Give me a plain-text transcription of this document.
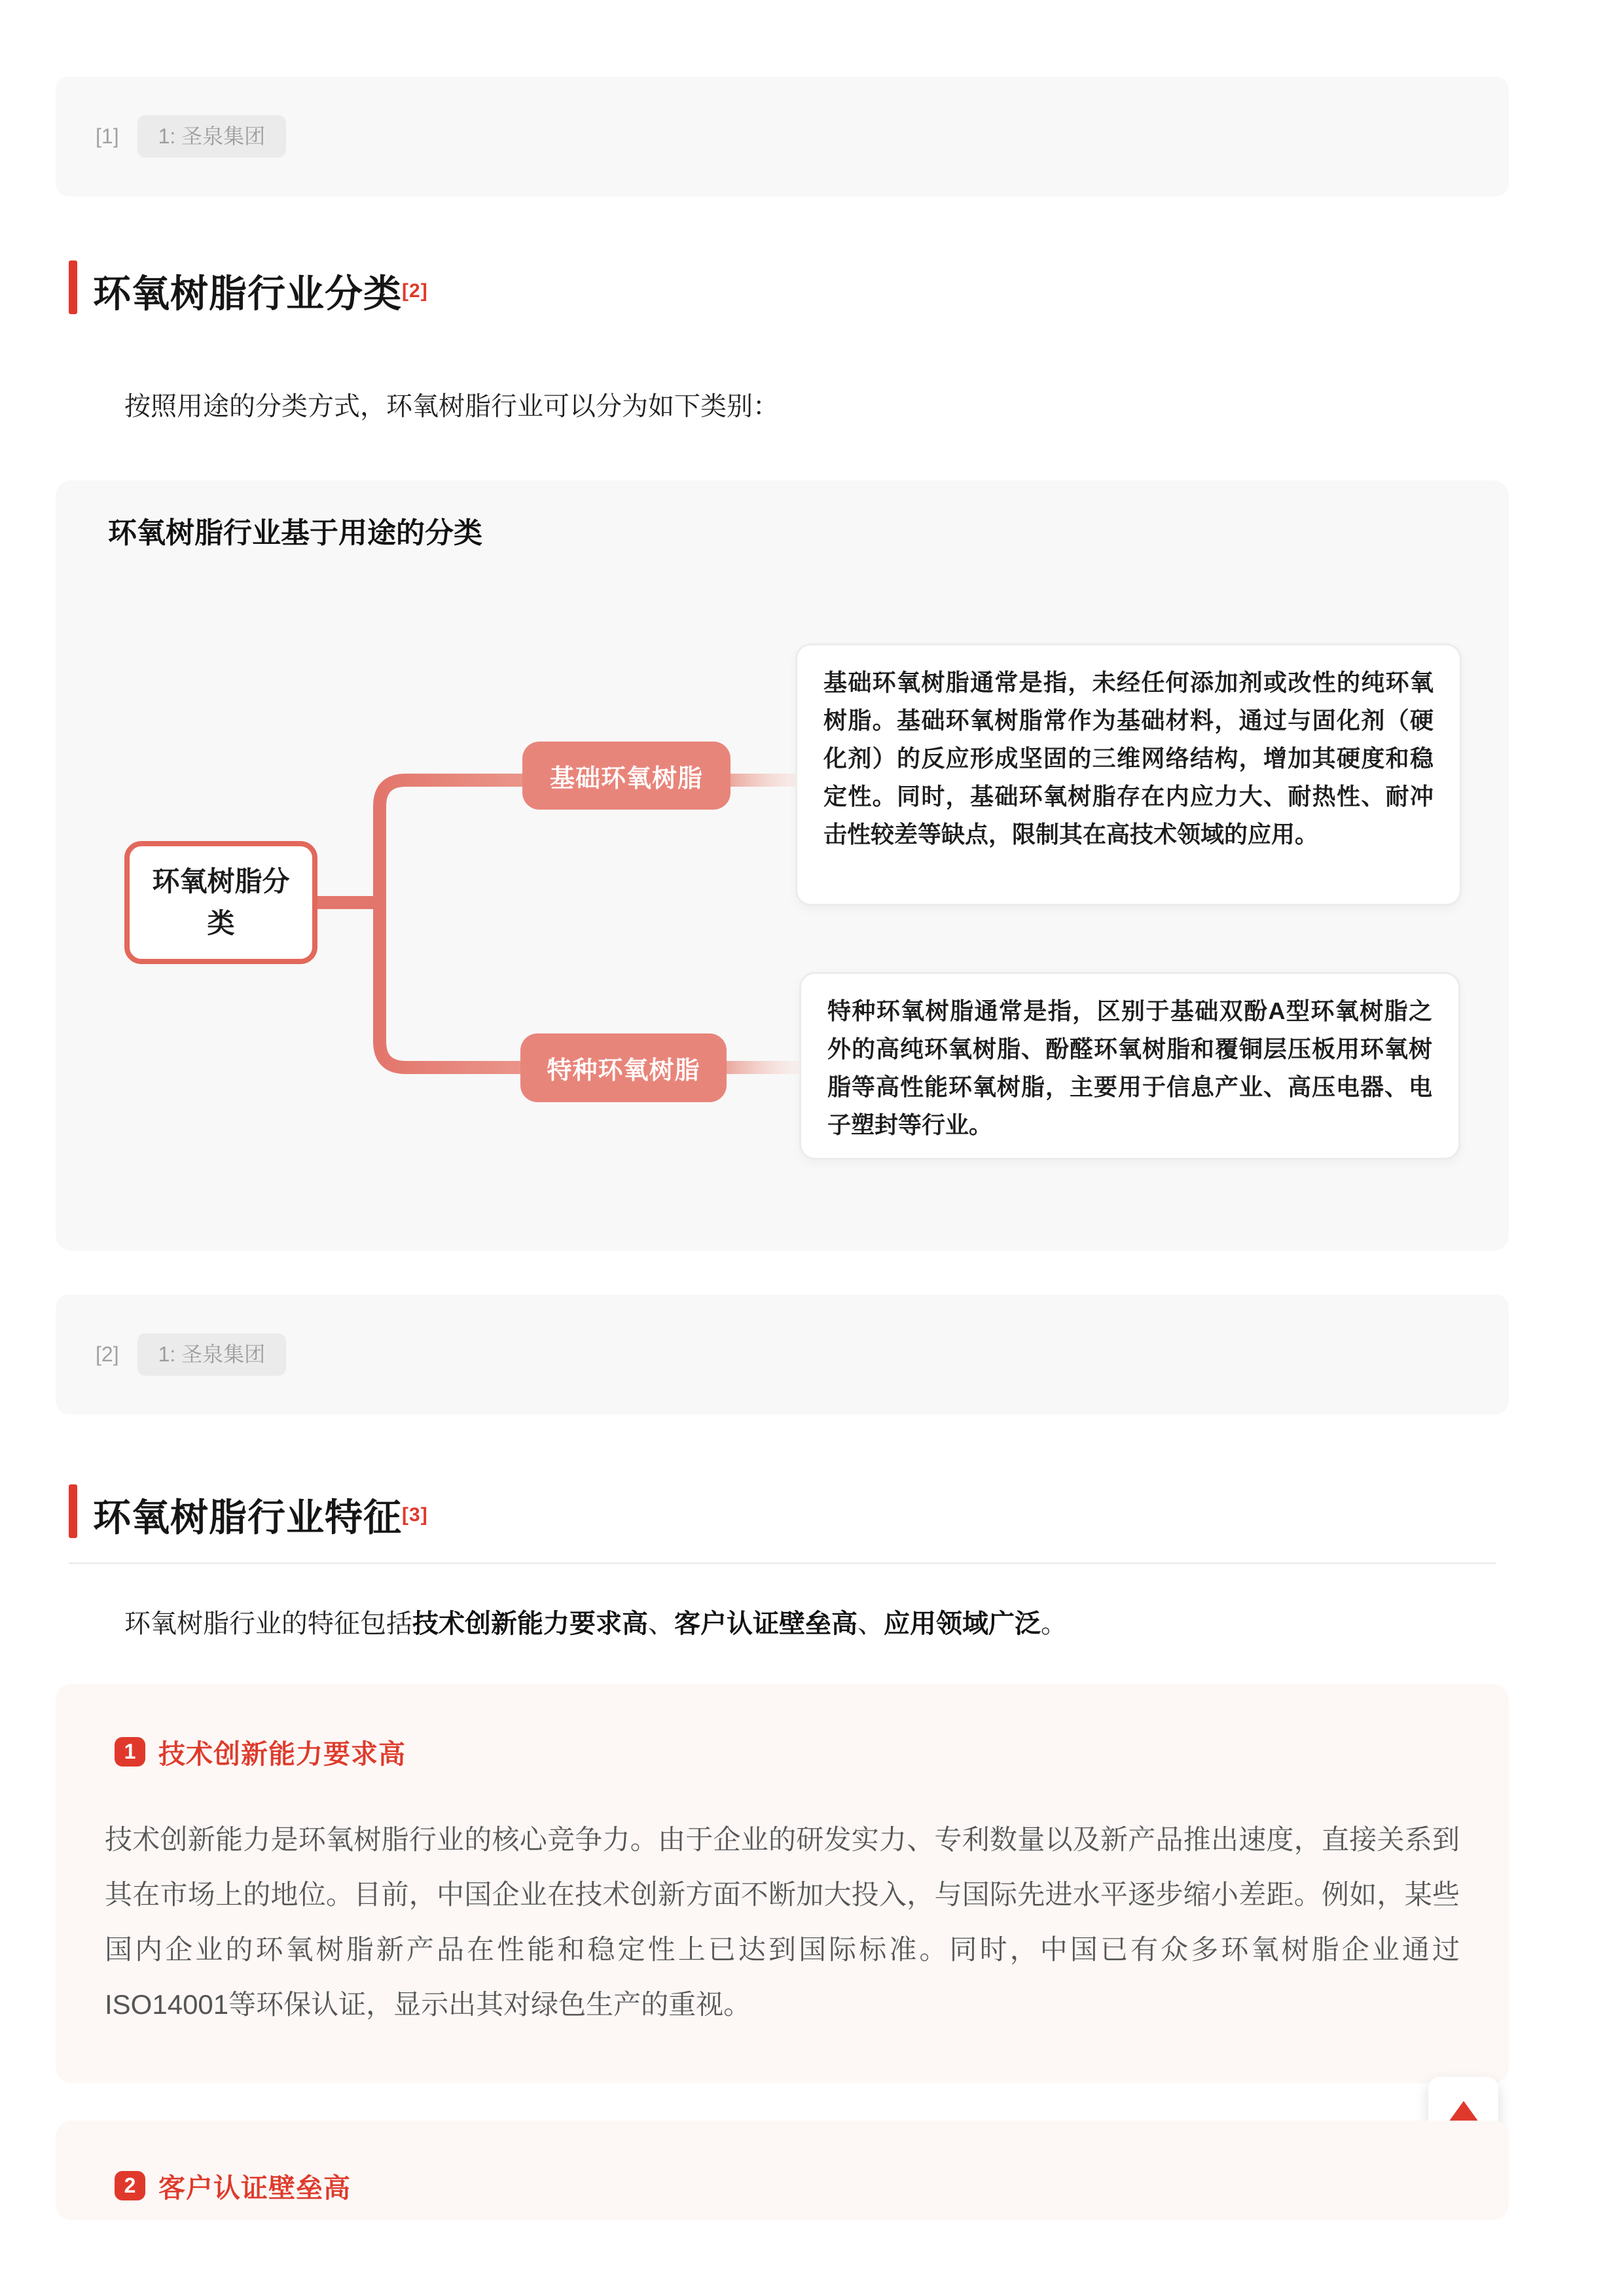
[1]	1: 圣泉集团
环氧树脂行业分类[2]

按照用途的分类方式，环氧树脂行业可以分为如下类别：

环氧树脂行业基于用途的分类
环氧树脂分类
基础环氧树脂
特种环氧树脂
基础环氧树脂通常是指，未经任何添加剂或改性的纯环氧树脂。基础环氧树脂常作为基础材料，通过与固化剂（硬化剂）的反应形成坚固的三维网络结构，增加其硬度和稳定性。同时，基础环氧树脂存在内应力大、耐热性、耐冲击性较差等缺点，限制其在高技术领域的应用。
特种环氧树脂通常是指，区别于基础双酚A型环氧树脂之外的高纯环氧树脂、酚醛环氧树脂和覆铜层压板用环氧树脂等高性能环氧树脂，主要用于信息产业、高压电器、电子塑封等行业。
[2]	1: 圣泉集团
环氧树脂行业特征[3]

环氧树脂行业的特征包括技术创新能力要求高、客户认证壁垒高、应用领域广泛。

1 技术创新能力要求高

技术创新能力是环氧树脂行业的核心竞争力。由于企业的研发实力、专利数量以及新产品推出速度，直接关系到其在市场上的地位。目前，中国企业在技术创新方面不断加大投入，与国际先进水平逐步缩小差距。例如，某些国内企业的环氧树脂新产品在性能和稳定性上已达到国际标准。同时，中国已有众多环氧树脂企业通过ISO14001等环保认证，显示出其对绿色生产的重视。

2 客户认证壁垒高
